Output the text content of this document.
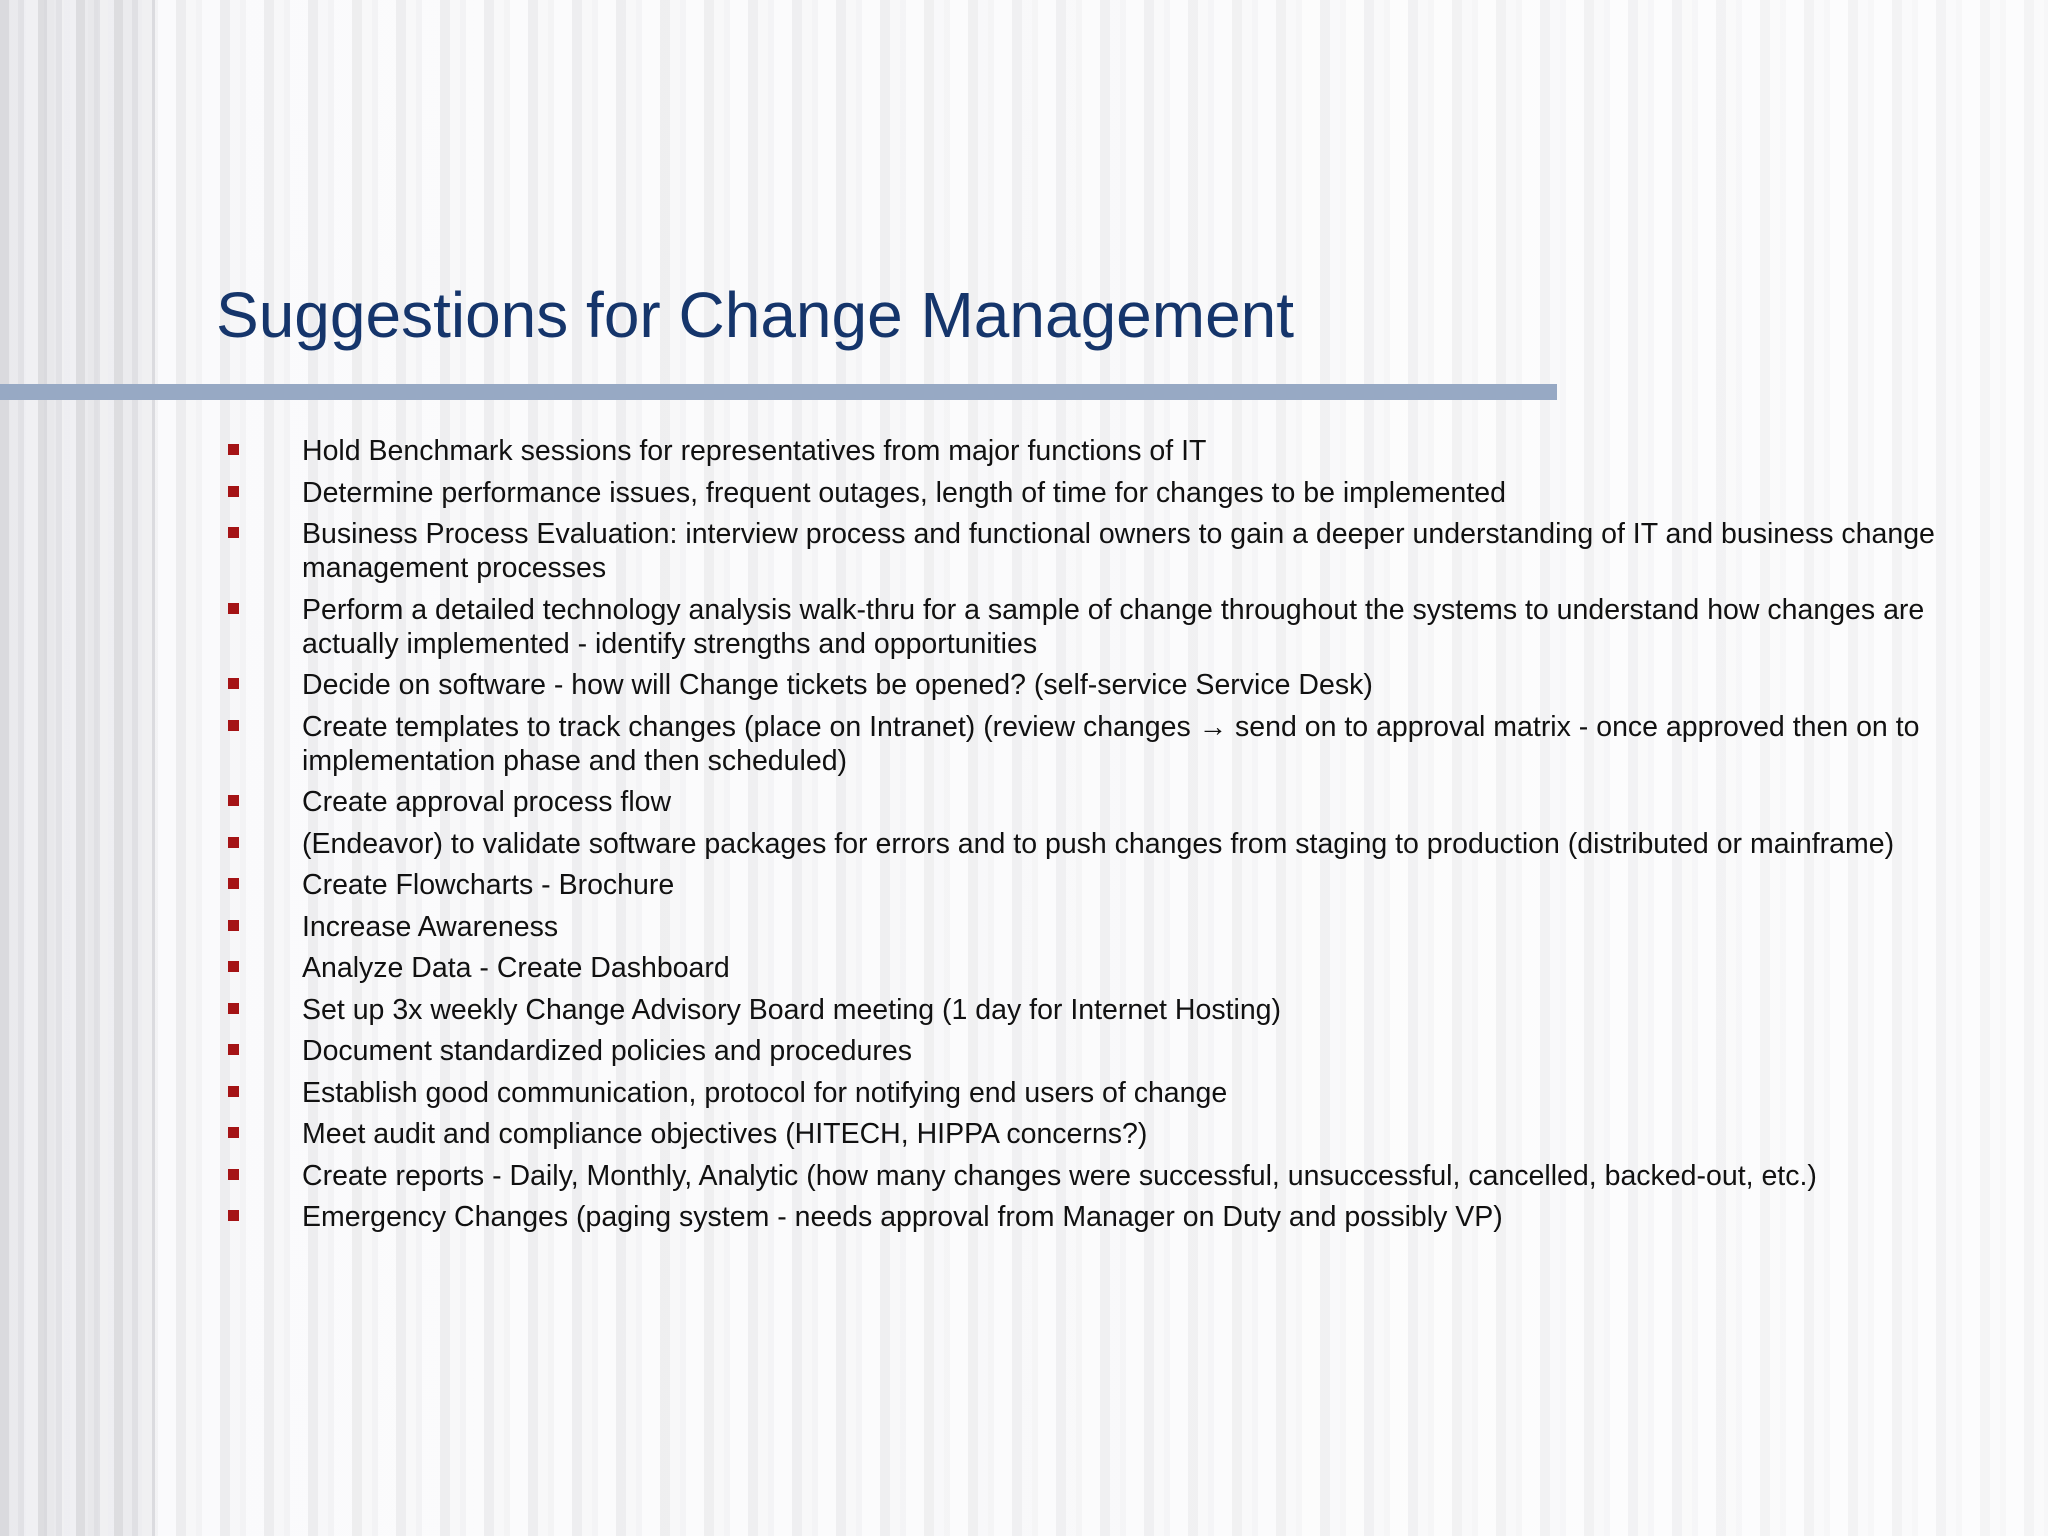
Suggestions for Change Management
Hold Benchmark sessions for representatives from major functions of IT
Determine performance issues, frequent outages, length of time for changes to be implemented
Business Process Evaluation: interview process and functional owners to gain a deeper understanding of IT and business change management processes
Perform a detailed technology analysis walk-thru for a sample of change throughout the systems to understand how changes are actually implemented - identify strengths and opportunities
Decide on software - how will Change tickets be opened? (self-service Service Desk)
Create templates to track changes (place on Intranet) (review changes → send on to approval matrix - once approved then on to implementation phase and then scheduled)
Create approval process flow
(Endeavor) to validate software packages for errors and to push changes from staging to production (distributed or mainframe)
Create Flowcharts - Brochure
Increase Awareness
Analyze Data - Create Dashboard
Set up 3x weekly Change Advisory Board meeting (1 day for Internet Hosting)
Document standardized policies and procedures
Establish good communication, protocol for notifying end users of change
Meet audit and compliance objectives (HITECH, HIPPA concerns?)
Create reports - Daily, Monthly, Analytic (how many changes were successful, unsuccessful, cancelled, backed-out, etc.)
Emergency Changes (paging system - needs approval from Manager on Duty and possibly VP)
